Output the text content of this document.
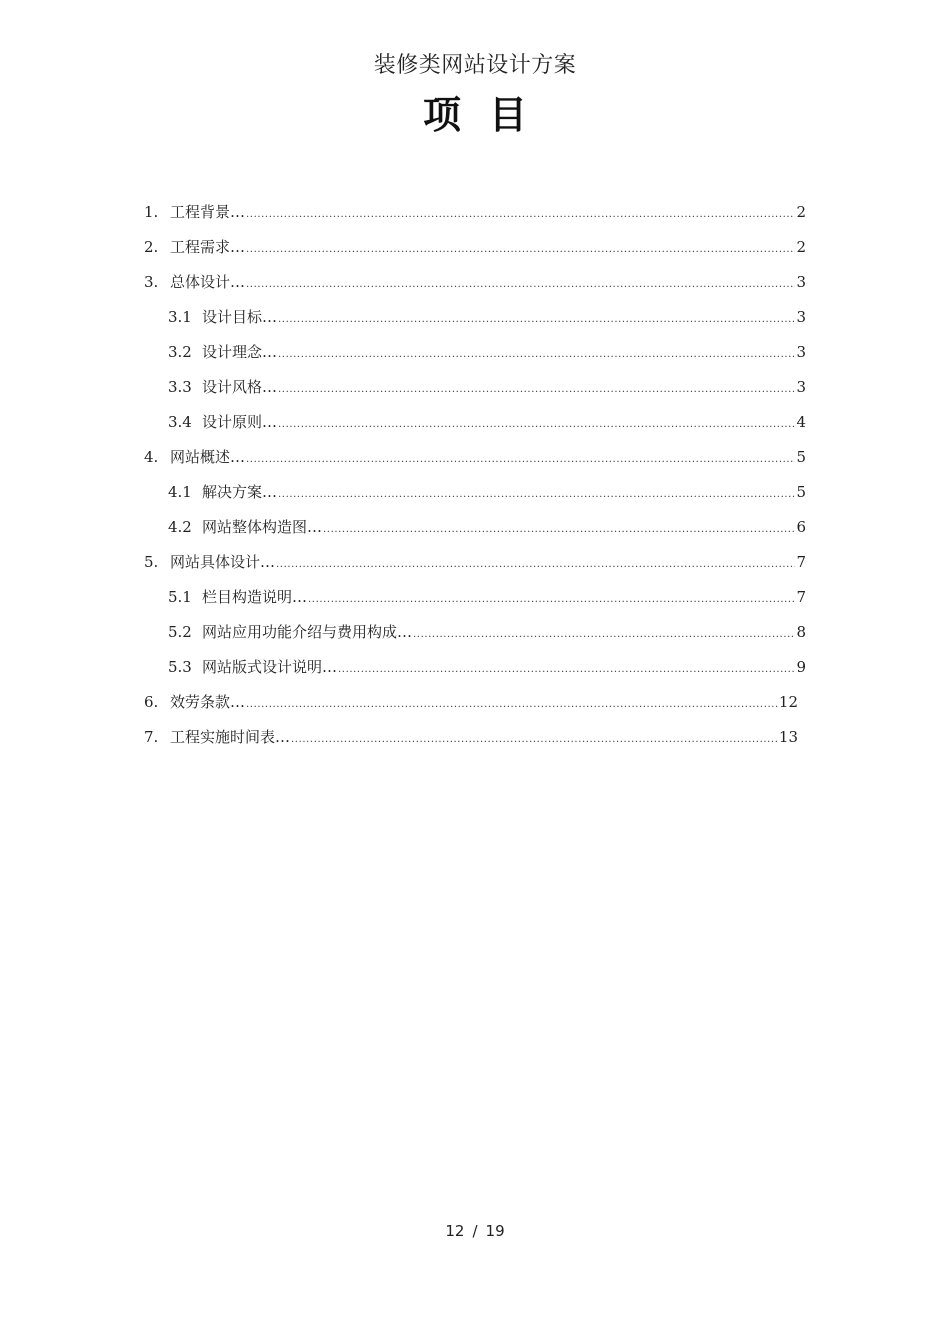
装修类网站设计方案
项目
1. 工程背景… .....	2
2. 工程需求… .....	2
3. 总体设计… .....	3
3.1 设计目标… .....	3
3.2 设计理念… .....	3
3.3 设计风格… .....	3
3.4 设计原则… .....	4
4. 网站概述… .....	5
4.1 解决方案… .....	5
4.2 网站整体构造图… .....	6
5. 网站具体设计… .....	7
5.1 栏目构造说明… .....	7
5.2 网站应用功能介绍与费用构成… .....	8
5.3 网站版式设计说明… .....	9
6. 效劳条款… .....	12
7. 工程实施时间表… .....	13
12 / 19
